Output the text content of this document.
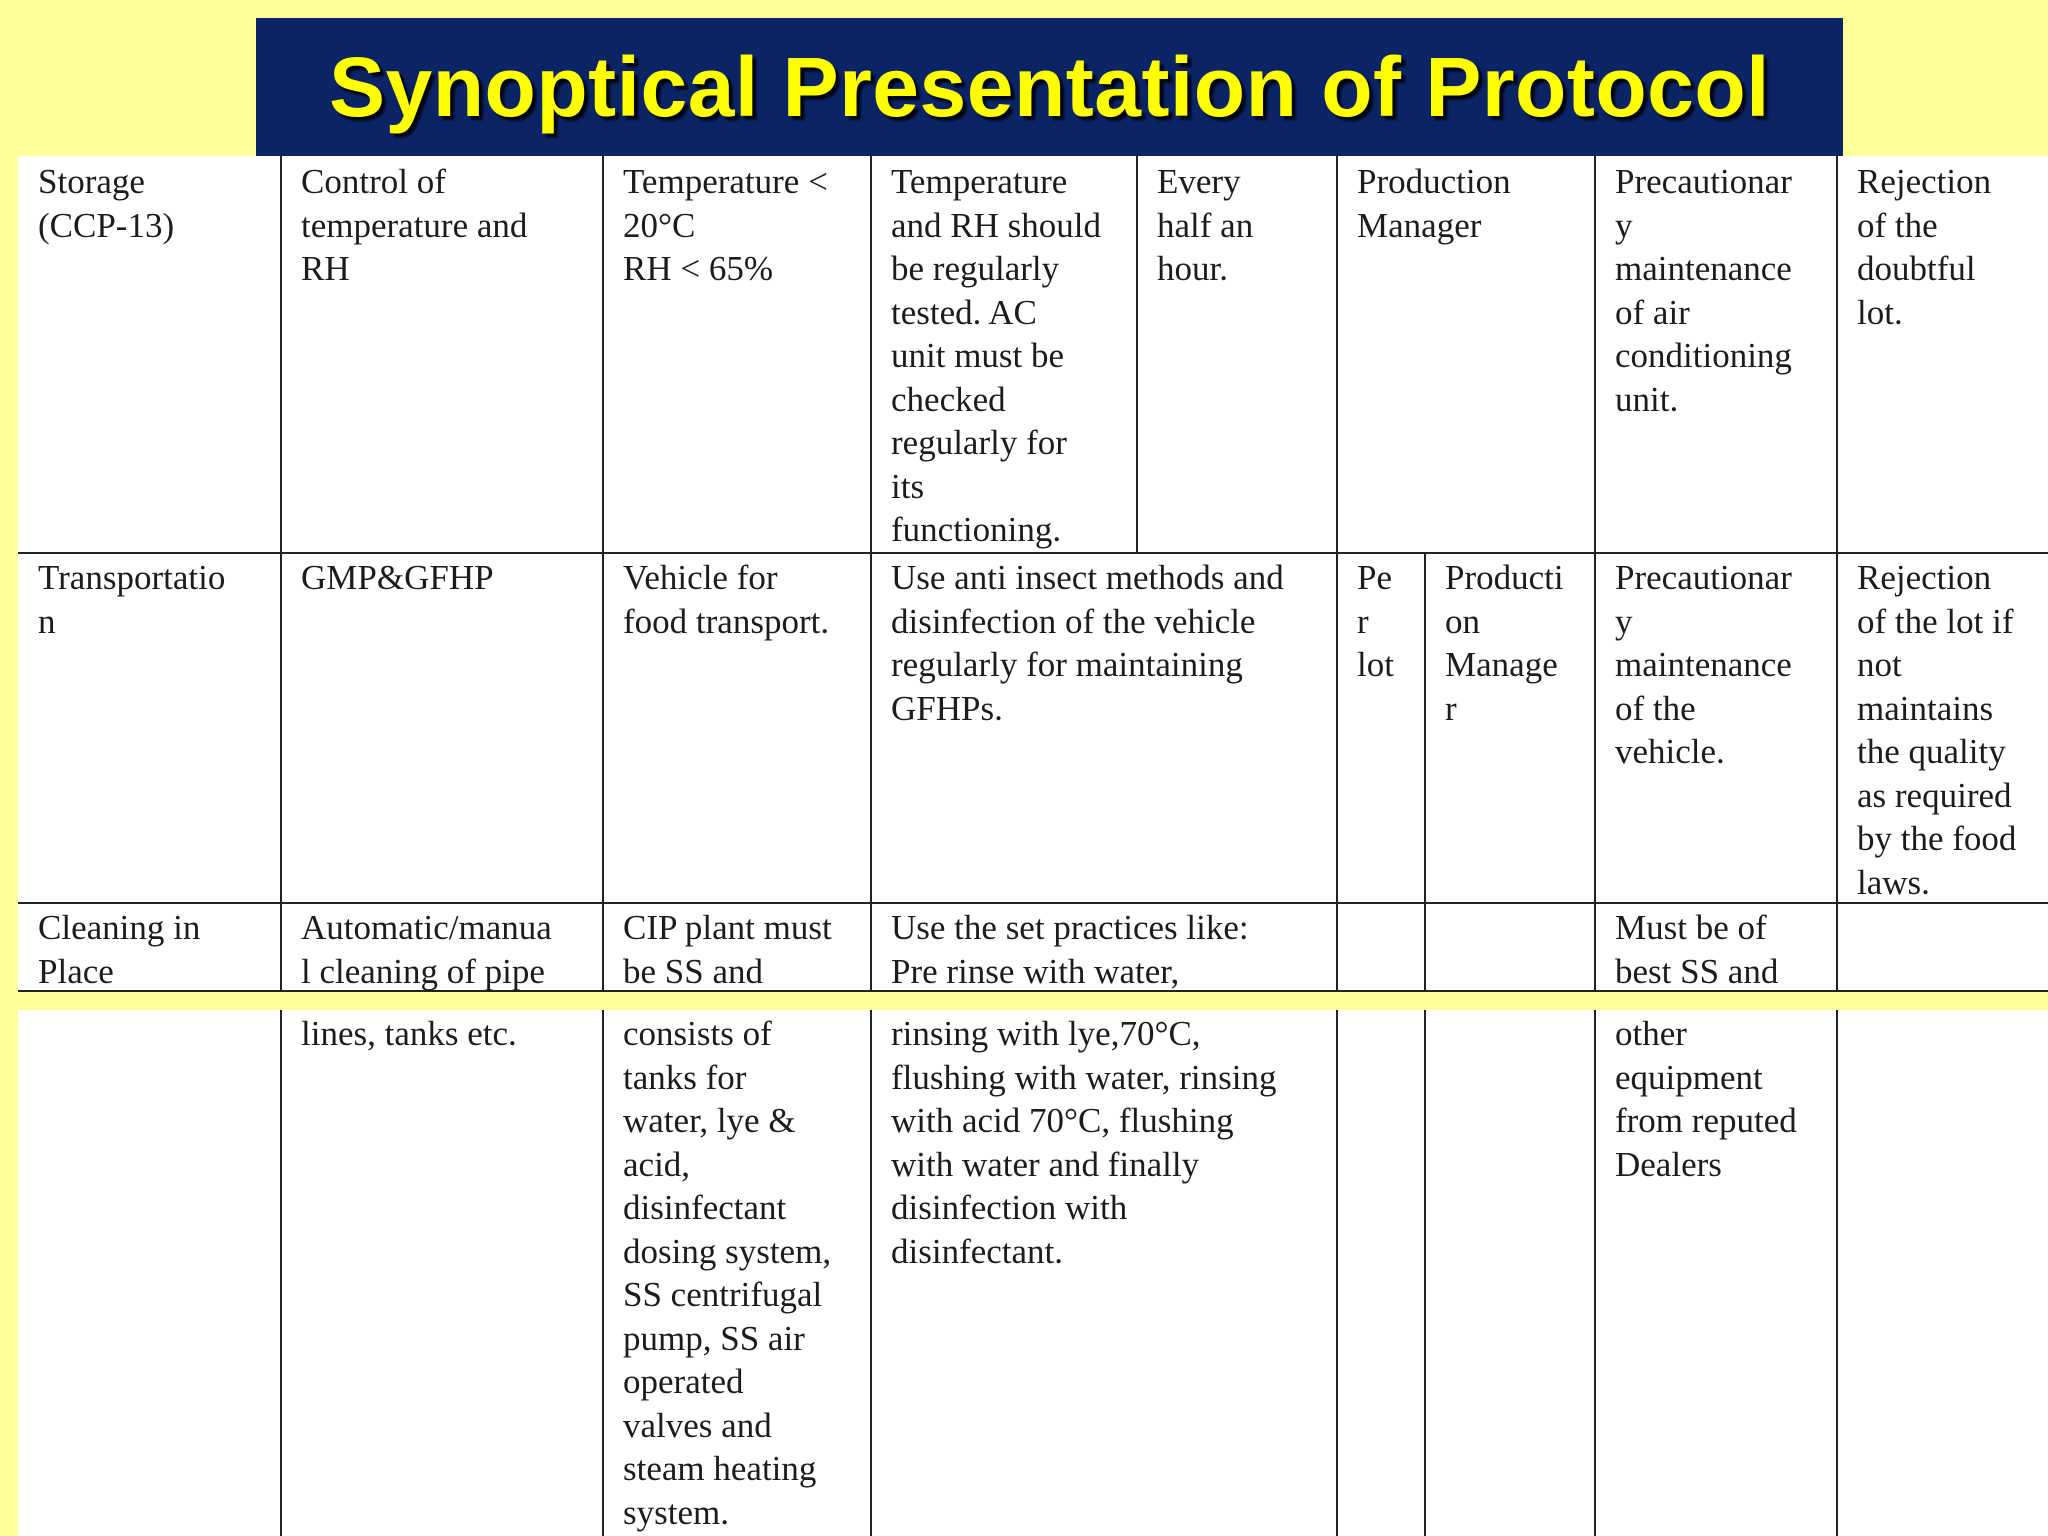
Synoptical Presentation of Protocol
Storage
(CCP-13)
Control of
temperature and
RH
Temperature <
20°C
RH < 65%
Temperature
and RH should
be regularly
tested. AC
unit must be
checked
regularly for
its
functioning.
Every
half an
hour.
Production
Manager
Precautionar
y
maintenance
of air
conditioning
unit.
Rejection
of the
doubtful
lot.
Transportatio
n
GMP&GFHP	Vehicle for
food transport.
Use anti insect methods and
disinfection of the vehicle
regularly for maintaining
GFHPs.
Pe
r
lot
Producti
on
Manage
r
Precautionar
y
maintenance
of the
vehicle.
Rejection
of the lot if
not
maintains
the quality
as required
by the food
laws.
Cleaning in
Place
Automatic/manua
l cleaning of pipe
CIP plant must
be SS and
Use the set practices like:
Pre rinse with water,
Must be of
best SS and
lines, tanks etc.	consists of
tanks for
water, lye &
acid,
disinfectant
dosing system,
SS centrifugal
pump, SS air
operated
valves and
steam heating
system.
rinsing with lye,70°C,
flushing with water, rinsing
with acid 70°C, flushing
with water and finally
disinfection with
disinfectant.
other
equipment
from reputed
Dealers
